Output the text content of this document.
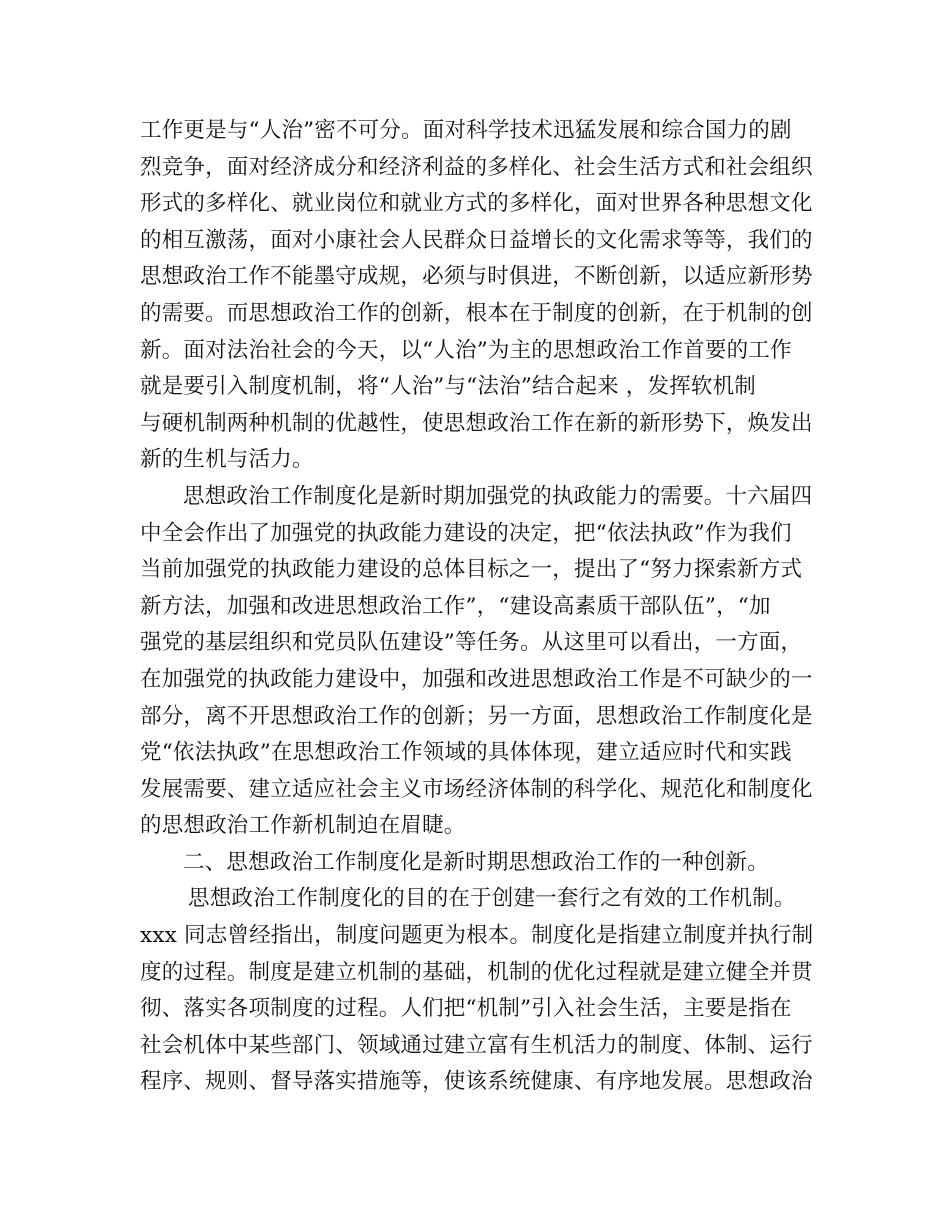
工作更是与“人治”密不可分。面对科学技术迅猛发展和综合国力的剧
烈竞争，面对经济成分和经济利益的多样化、社会生活方式和社会组织
形式的多样化、就业岗位和就业方式的多样化，面对世界各种思想文化
的相互激荡，面对小康社会人民群众日益增长的文化需求等等，我们的
思想政治工作不能墨守成规，必须与时俱进，不断创新，以适应新形势
的需要。而思想政治工作的创新，根本在于制度的创新，在于机制的创
新。面对法治社会的今天，以“人治”为主的思想政治工作首要的工作
就是要引入制度机制，将“人治”与“法治”结合起来 ，发挥软机制
与硬机制两种机制的优越性，使思想政治工作在新的新形势下，焕发出
新的生机与活力。
思想政治工作制度化是新时期加强党的执政能力的需要。十六届四
中全会作出了加强党的执政能力建设的决定，把“依法执政”作为我们
当前加强党的执政能力建设的总体目标之一，提出了“努力探索新方式
新方法，加强和改进思想政治工作”，“建设高素质干部队伍”，“加
强党的基层组织和党员队伍建设”等任务。从这里可以看出，一方面，
在加强党的执政能力建设中，加强和改进思想政治工作是不可缺少的一
部分，离不开思想政治工作的创新；另一方面，思想政治工作制度化是
党“依法执政”在思想政治工作领域的具体体现，建立适应时代和实践
发展需要、建立适应社会主义市场经济体制的科学化、规范化和制度化
的思想政治工作新机制迫在眉睫。
二、思想政治工作制度化是新时期思想政治工作的一种创新。
思想政治工作制度化的目的在于创建一套行之有效的工作机制。
xxx 同志曾经指出，制度问题更为根本。制度化是指建立制度并执行制
度的过程。制度是建立机制的基础，机制的优化过程就是建立健全并贯
彻、落实各项制度的过程。人们把“机制”引入社会生活，主要是指在
社会机体中某些部门、领域通过建立富有生机活力的制度、体制、运行
程序、规则、督导落实措施等，使该系统健康、有序地发展。思想政治
